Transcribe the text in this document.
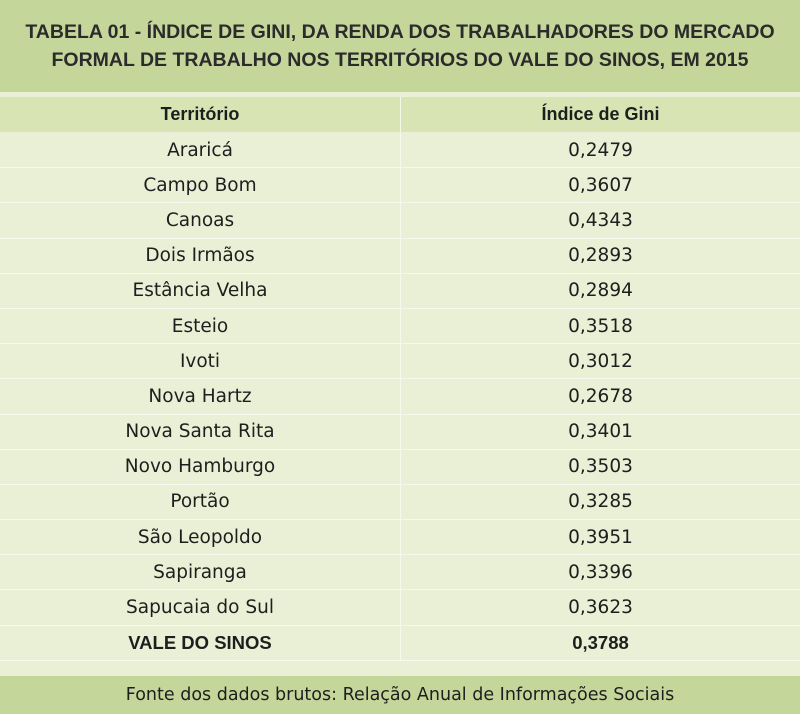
TABELA 01 - ÍNDICE DE GINI, DA RENDA DOS TRABALHADORES DO MERCADO
FORMAL DE TRABALHO NOS TERRITÓRIOS DO VALE DO SINOS, EM 2015
Território	Índice de Gini
Araricá	0,2479
Campo Bom	0,3607
Canoas	0,4343
Dois Irmãos	0,2893
Estância Velha	0,2894
Esteio	0,3518
Ivoti	0,3012
Nova Hartz	0,2678
Nova Santa Rita	0,3401
Novo Hamburgo	0,3503
Portão	0,3285
São Leopoldo	0,3951
Sapiranga	0,3396
Sapucaia do Sul	0,3623
VALE DO SINOS	0,3788
Fonte dos dados brutos: Relação Anual de Informações Sociais
